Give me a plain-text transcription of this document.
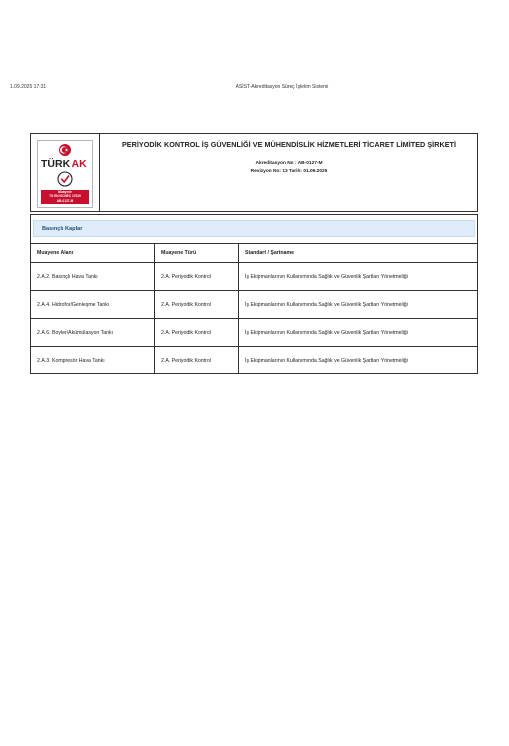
1.09.2025 17:31	ASİST-Akreditasyon Süreç İşletim Sistemi
TÜRK AK
Muayene
TS EN ISO/IEC 17020
AB-0127-M
PERİYODİK KONTROL İŞ GÜVENLİĞİ VE MÜHENDİSLİK HİZMETLERİ TİCARET LİMİTED ŞİRKETİ
Akreditasyon No : AB-0127-M
Revizyon No: 13 Tarih: 01.09.2025
Basınçlı Kaplar
Muayene Alanı	Muayene Türü	Standart / Şartname
2.A.2. Basınçlı Hava Tankı	2.A. Periyodik Kontrol	İş Ekipmanlarının Kullanımında Sağlık ve Güvenlik Şartları Yönetmeliği
2.A.4. Hidrofor/Genleşme Tankı	2.A. Periyodik Kontrol	İş Ekipmanlarının Kullanımında Sağlık ve Güvenlik Şartları Yönetmeliği
2.A.6. Boyler/Akümülasyon Tankı	2.A. Periyodik Kontrol	İş Ekipmanlarının Kullanımında Sağlık ve Güvenlik Şartları Yönetmeliği
2.A.3. Kompresör Hava Tankı	2.A. Periyodik Kontrol	İş Ekipmanlarının Kullanımında Sağlık ve Güvenlik Şartları Yönetmeliği
